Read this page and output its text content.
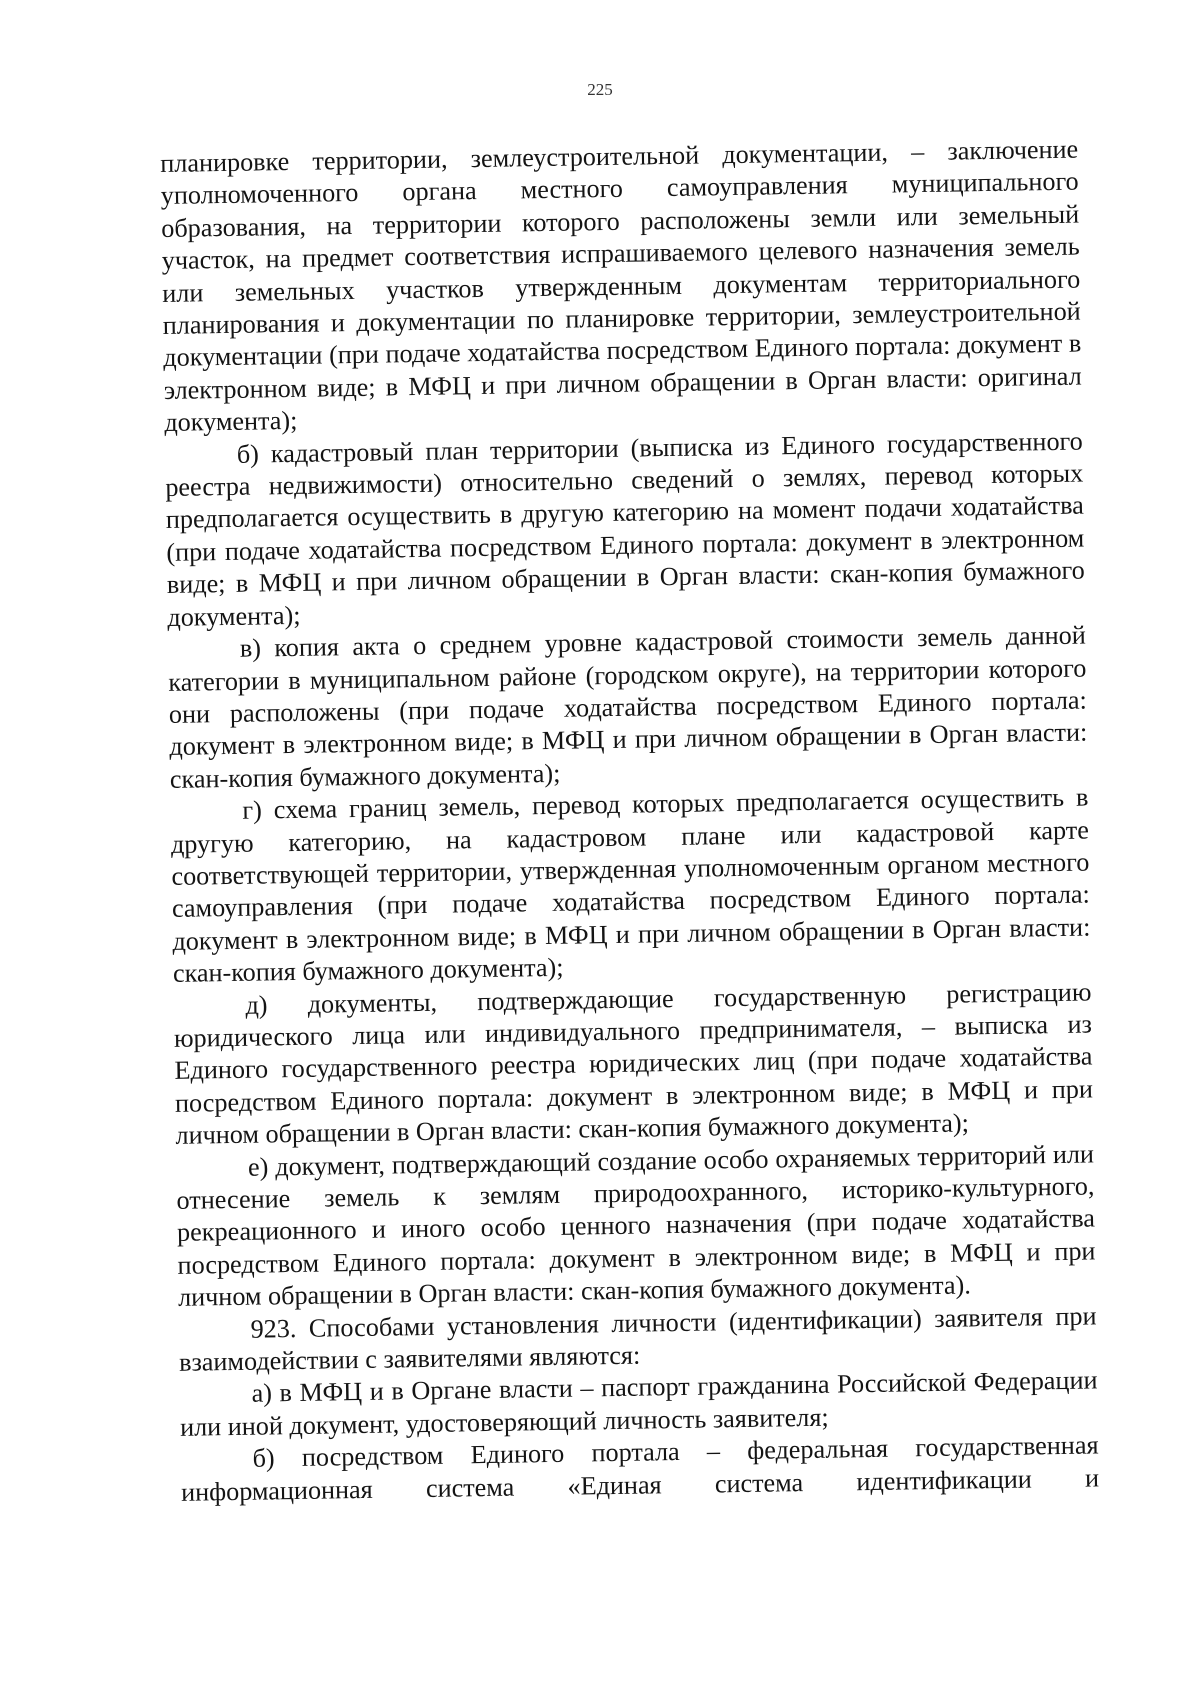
225

планировке территории, землеустроительной документации, – заключение уполномоченного органа местного самоуправления муниципального образования, на территории которого расположены земли или земельный участок, на предмет соответствия испрашиваемого целевого назначения земель или земельных участков утвержденным документам территориального планирования и документации по планировке территории, землеустроительной документации (при подаче ходатайства посредством Единого портала: документ в электронном виде; в МФЦ и при личном обращении в Орган власти: оригинал документа);

б) кадастровый план территории (выписка из Единого государственного реестра недвижимости) относительно сведений о землях, перевод которых предполагается осуществить в другую категорию на момент подачи ходатайства (при подаче ходатайства посредством Единого портала: документ в электронном виде; в МФЦ и при личном обращении в Орган власти: скан-копия бумажного документа);

в) копия акта о среднем уровне кадастровой стоимости земель данной категории в муниципальном районе (городском округе), на территории которого они расположены (при подаче ходатайства посредством Единого портала: документ в электронном виде; в МФЦ и при личном обращении в Орган власти: скан-копия бумажного документа);

г) схема границ земель, перевод которых предполагается осуществить в другую категорию, на кадастровом плане или кадастровой карте соответствующей территории, утвержденная уполномоченным органом местного самоуправления (при подаче ходатайства посредством Единого портала: документ в электронном виде; в МФЦ и при личном обращении в Орган власти: скан-копия бумажного документа);

д) документы, подтверждающие государственную регистрацию юридического лица или индивидуального предпринимателя, – выписка из Единого государственного реестра юридических лиц (при подаче ходатайства посредством Единого портала: документ в электронном виде; в МФЦ и при личном обращении в Орган власти: скан-копия бумажного документа);

е) документ, подтверждающий создание особо охраняемых территорий или отнесение земель к землям природоохранного, историко-культурного, рекреационного и иного особо ценного назначения (при подаче ходатайства посредством Единого портала: документ в электронном виде; в МФЦ и при личном обращении в Орган власти: скан-копия бумажного документа).

923. Способами установления личности (идентификации) заявителя при взаимодействии с заявителями являются:

а) в МФЦ и в Органе власти – паспорт гражданина Российской Федерации или иной документ, удостоверяющий личность заявителя;

б) посредством Единого портала – федеральная государственная информационная система «Единая система идентификации и
